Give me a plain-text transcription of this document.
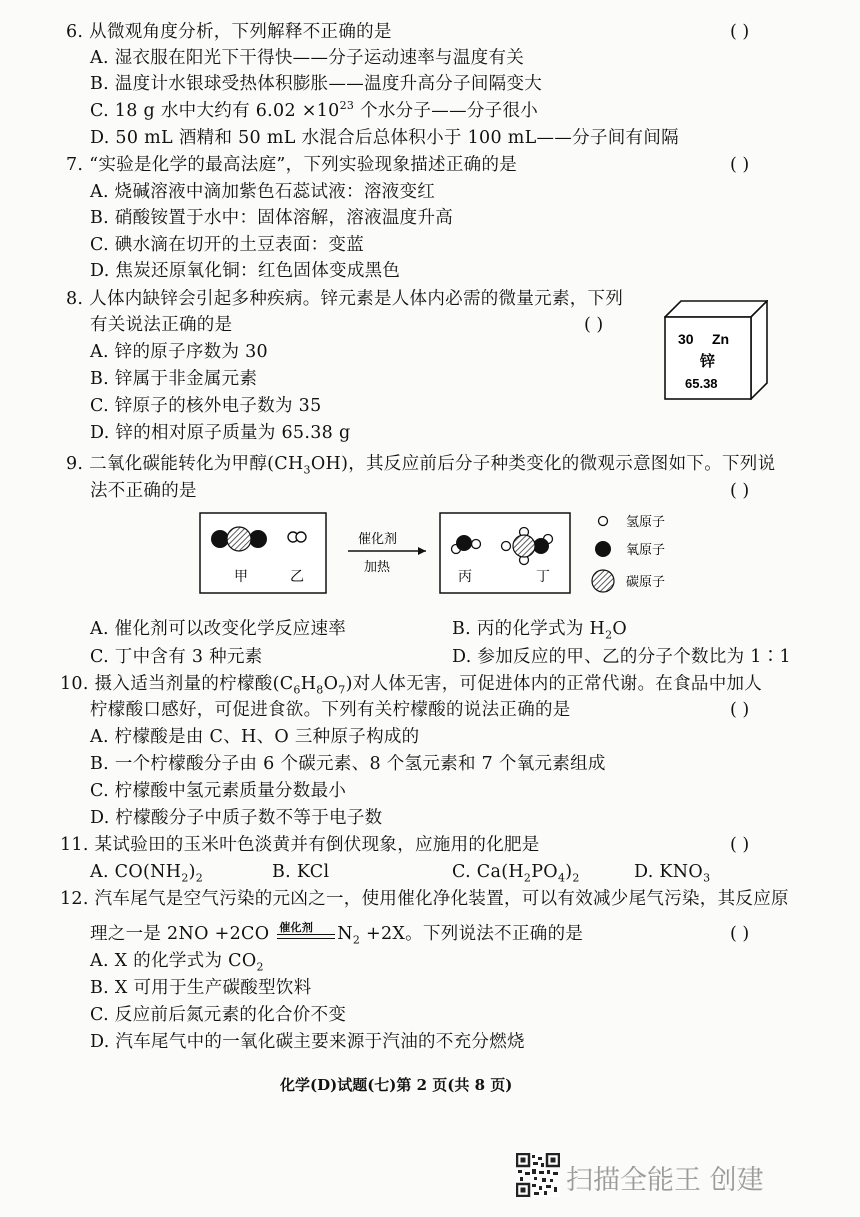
6. 从微观角度分析，下列解释不正确的是	( )
A. 湿衣服在阳光下干得快——分子运动速率与温度有关
B. 温度计水银球受热体积膨胀——温度升高分子间隔变大
C. 18 g 水中大约有 $6.02 \times 10^{23}$ 个水分子——分子很小
D. 50 mL 酒精和 50 mL 水混合后总体积小于 100 mL——分子间有间隔
7. “实验是化学的最高法庭”，下列实验现象描述正确的是	( )
A. 烧碱溶液中滴加紫色石蕊试液：溶液变红
B. 硝酸铵置于水中：固体溶解，溶液温度升高
C. 碘水滴在切开的土豆表面：变蓝
D. 焦炭还原氧化铜：红色固体变成黑色
8. 人体内缺锌会引起多种疾病。锌元素是人体内必需的微量元素，下列
有关说法正确的是	( )
A. 锌的原子序数为 30
B. 锌属于非金属元素
C. 锌原子的核外电子数为 35
D. 锌的相对原子质量为 65.38 g
30 Zn
锌
65.38
9. 二氧化碳能转化为甲醇$(CH_3OH)$，其反应前后分子种类变化的微观示意图如下。下列说
法不正确的是	( )
甲	乙
催化剂
加热
丙	丁
氢原子
氧原子
碳原子
A. 催化剂可以改变化学反应速率	B. 丙的化学式为 $H_2O$
C. 丁中含有 3 种元素	D. 参加反应的甲、乙的分子个数比为 1∶1
10. 摄入适当剂量的柠檬酸$(C_6H_8O_7)$对人体无害，可促进体内的正常代谢。在食品中加人
柠檬酸口感好，可促进食欲。下列有关柠檬酸的说法正确的是	( )
A. 柠檬酸是由 C、H、O 三种原子构成的
B. 一个柠檬酸分子由 6 个碳元素、8 个氢元素和 7 个氧元素组成
C. 柠檬酸中氢元素质量分数最小
D. 柠檬酸分子中质子数不等于电子数
11. 某试验田的玉米叶色淡黄并有倒伏现象，应施用的化肥是	( )
A. $CO(NH_2)_2$	B. KCl	C. $Ca(H_2PO_4)_2$	D. $KNO_3$
12. 汽车尾气是空气污染的元凶之一，使用催化净化装置，可以有效减少尾气污染，其反应原
理之一是 2NO +2CO 催化剂 $N_2 +2X$。下列说法不正确的是	( )
A. X 的化学式为 $CO_2$
B. X 可用于生产碳酸型饮料
C. 反应前后氮元素的化合价不变
D. 汽车尾气中的一氧化碳主要来源于汽油的不充分燃烧
化学(D)试题(七)第 2 页(共 8 页)
扫描全能王 创建
